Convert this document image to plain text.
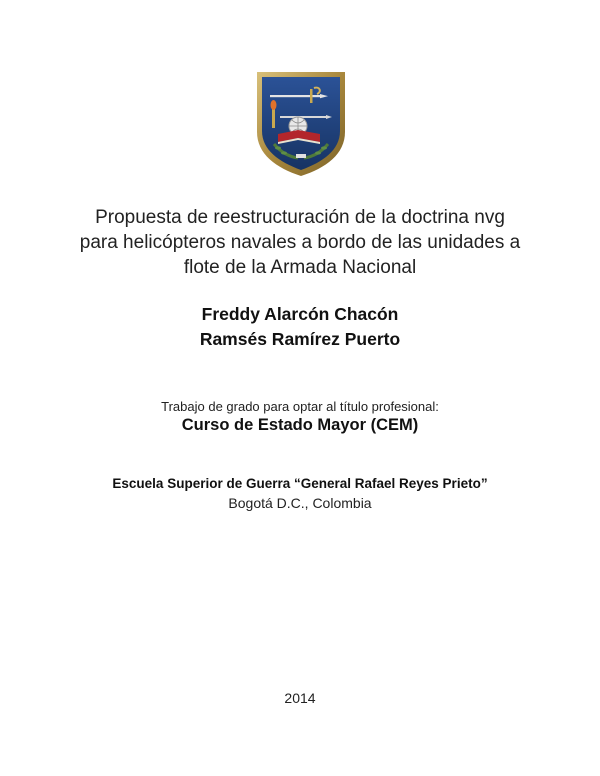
Propuesta de reestructuración de la doctrina nvg
para helicópteros navales a bordo de las unidades a
flote de la Armada Nacional
Freddy Alarcón Chacón
Ramsés Ramírez Puerto
Trabajo de grado para optar al título profesional:
Curso de Estado Mayor (CEM)
Escuela Superior de Guerra “General Rafael Reyes Prieto”
Bogotá D.C., Colombia
2014
